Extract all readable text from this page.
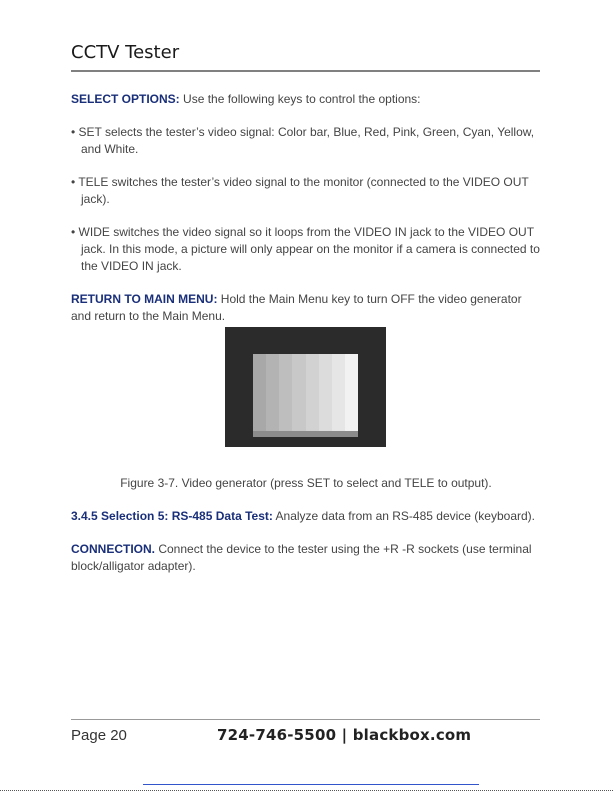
CCTV Tester

SELECT OPTIONS: Use the following keys to control the options:

• SET selects the tester’s video signal: Color bar, Blue, Red, Pink, Green, Cyan, Yellow, and White.

• TELE switches the tester’s video signal to the monitor (connected to the VIDEO OUT jack).

• WIDE switches the video signal so it loops from the VIDEO IN jack to the VIDEO OUT jack. In this mode, a picture will only appear on the monitor if a camera is connected to the VIDEO IN jack.

RETURN TO MAIN MENU: Hold the Main Menu key to turn OFF the video generator and return to the Main Menu.

Figure 3-7. Video generator (press SET to select and TELE to output).

3.4.5 Selection 5: RS-485 Data Test: Analyze data from an RS-485 device (keyboard).

CONNECTION. Connect the device to the tester using the +R -R sockets (use terminal block/alligator adapter).

Page 20	724-746-5500 | blackbox.com
